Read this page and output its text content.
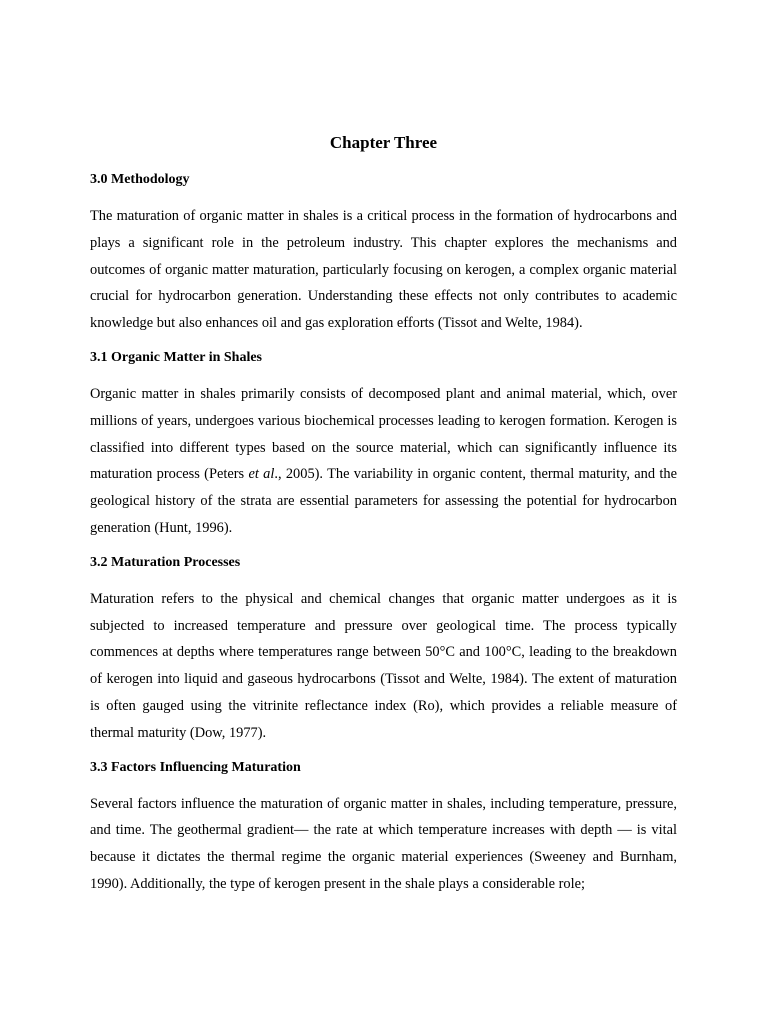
Chapter Three
3.0 Methodology

The maturation of organic matter in shales is a critical process in the formation of hydrocarbons and plays a significant role in the petroleum industry. This chapter explores the mechanisms and outcomes of organic matter maturation, particularly focusing on kerogen, a complex organic material crucial for hydrocarbon generation. Understanding these effects not only contributes to academic knowledge but also enhances oil and gas exploration efforts (Tissot and Welte, 1984).

3.1 Organic Matter in Shales

Organic matter in shales primarily consists of decomposed plant and animal material, which, over millions of years, undergoes various biochemical processes leading to kerogen formation. Kerogen is classified into different types based on the source material, which can significantly influence its maturation process (Peters et al., 2005). The variability in organic content, thermal maturity, and the geological history of the strata are essential parameters for assessing the potential for hydrocarbon generation (Hunt, 1996).

3.2 Maturation Processes

Maturation refers to the physical and chemical changes that organic matter undergoes as it is subjected to increased temperature and pressure over geological time. The process typically commences at depths where temperatures range between 50°C and 100°C, leading to the breakdown of kerogen into liquid and gaseous hydrocarbons (Tissot and Welte, 1984). The extent of maturation is often gauged using the vitrinite reflectance index (Ro), which provides a reliable measure of thermal maturity (Dow, 1977).

3.3 Factors Influencing Maturation

Several factors influence the maturation of organic matter in shales, including temperature, pressure, and time. The geothermal gradient— the rate at which temperature increases with depth — is vital because it dictates the thermal regime the organic material experiences (Sweeney and Burnham, 1990). Additionally, the type of kerogen present in the shale plays a considerable role;
